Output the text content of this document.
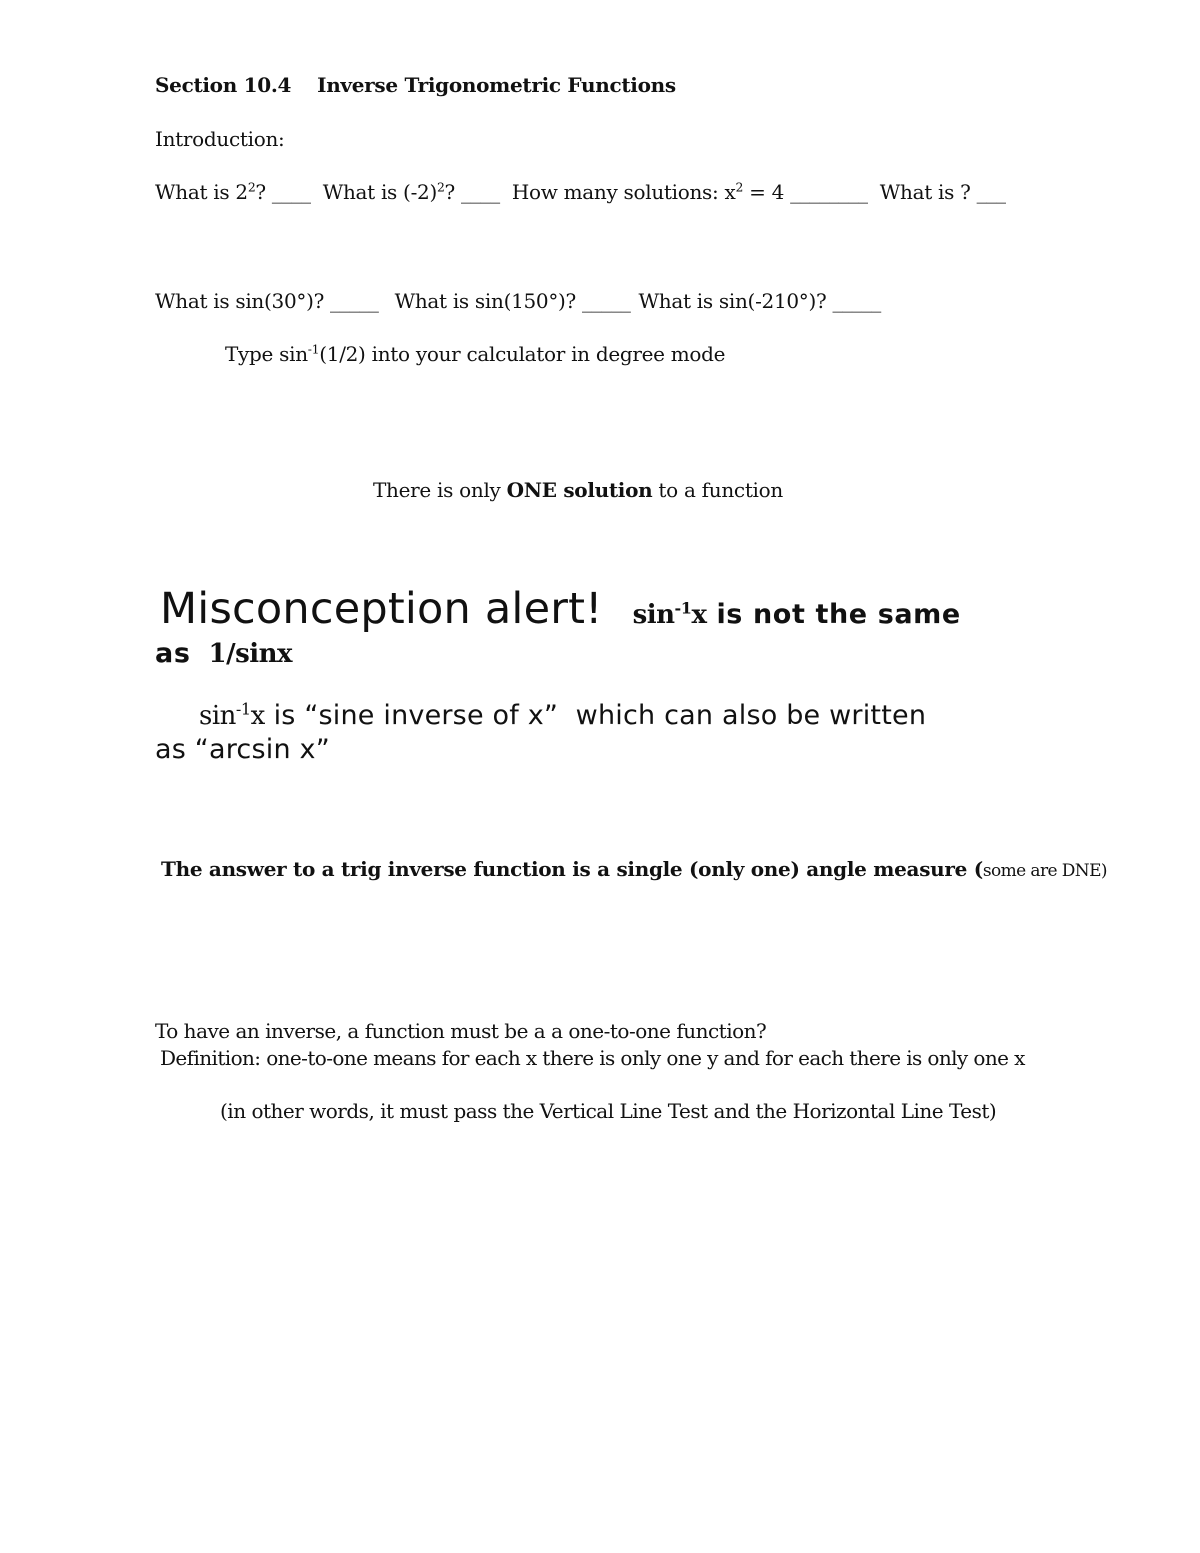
Section 10.4 Inverse Trigonometric Functions
Introduction:
What is $2^2$? ____ What is $(-2)^2$? ____ How many solutions: $x^2 = 4$ ________ What is ? ___
What is sin(30°)? _____ What is sin(150°)? _____ What is sin(-210°)? _____
Type $\sin^{-1}(1/2)$ into your calculator in degree mode
There is only ONE solution to a function
Misconception alert! $\sin^{-1}x$ is not the same
as 1/sinx
$\sin^{-1}x$ is “sine inverse of x”  which can also be written
as “arcsin x”
The answer to a trig inverse function is a single (only one) angle measure (some are DNE)
To have an inverse, a function must be a a one-to-one function?
Definition: one-to-one means for each x there is only one y and for each there is only one x
(in other words, it must pass the Vertical Line Test and the Horizontal Line Test)
